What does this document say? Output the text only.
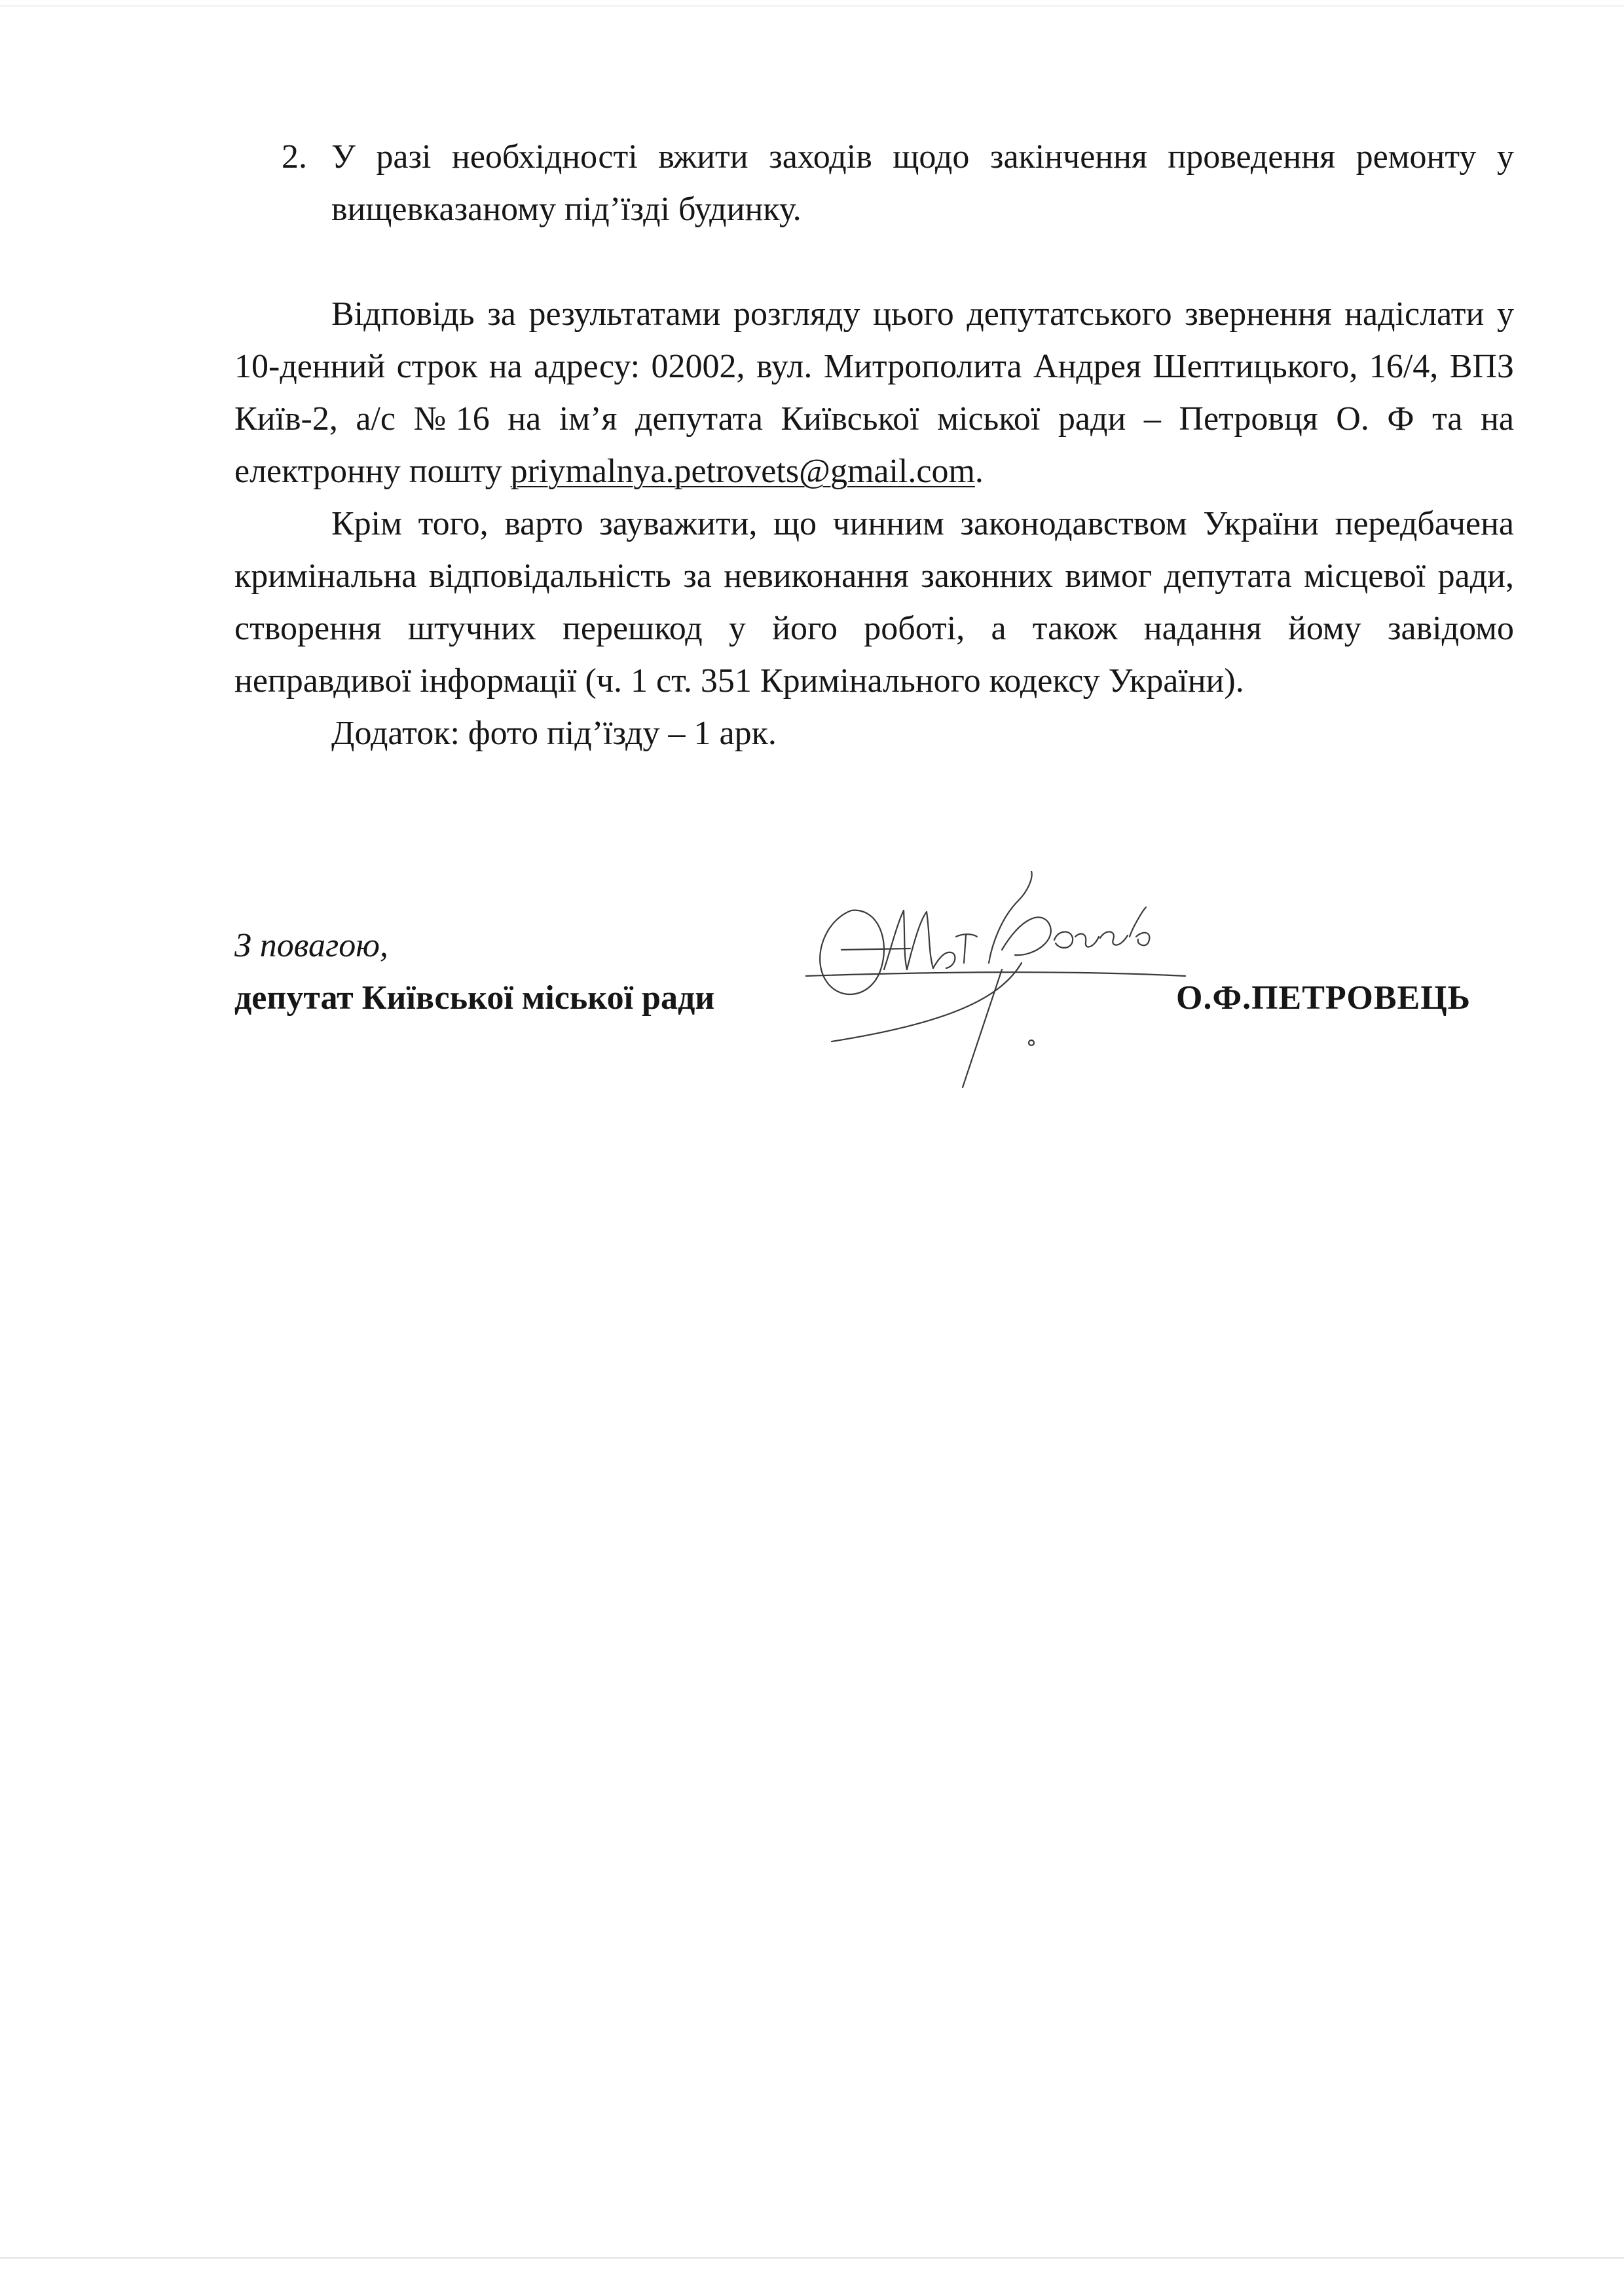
2. У разі необхідності вжити заходів щодо закінчення проведення ремонту у вищевказаному під’їзді будинку.

Відповідь за результатами розгляду цього депутатського звернення надіслати у 10-денний строк на адресу: 02002, вул. Митрополита Андрея Шептицького, 16/4, ВПЗ Київ-2, а/с №16 на ім’я депутата Київської міської ради – Петровця О. Ф та на електронну пошту priymalnya.petrovets@gmail.com.

Крім того, варто зауважити, що чинним законодавством України передбачена кримінальна відповідальність за невиконання законних вимог депутата місцевої ради, створення штучних перешкод у його роботі, а також надання йому завідомо неправдивої інформації (ч. 1 ст. 351 Кримінального кодексу України).

Додаток: фото під’їзду – 1 арк.

З повагою,
депутат Київської міської ради	О.Ф.ПЕТРОВЕЦЬ
